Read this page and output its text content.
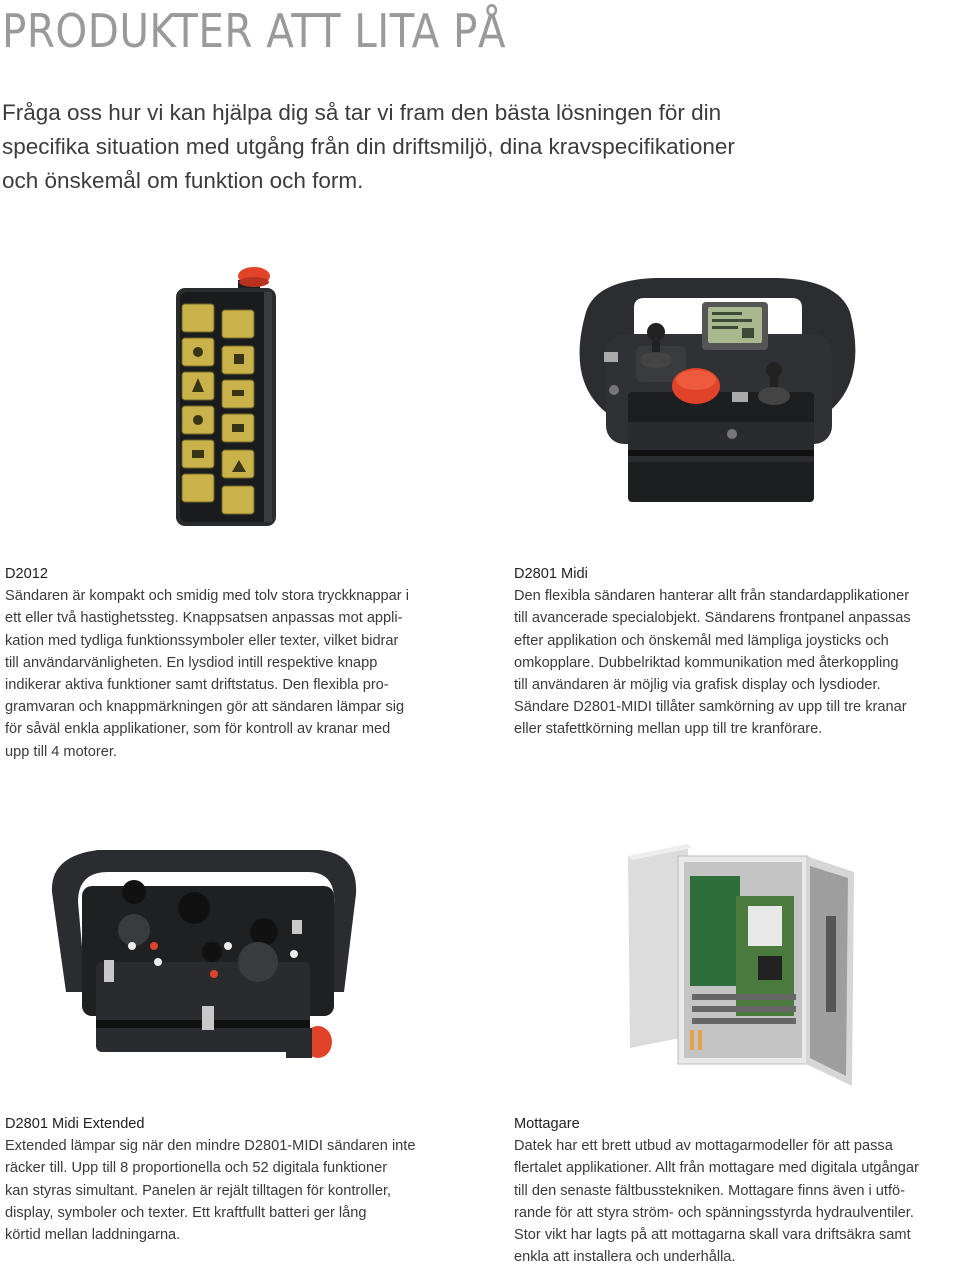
PRODUKTER ATT LITA PÅ

Fråga oss hur vi kan hjälpa dig så tar vi fram den bästa lösningen för din
specifika situation med utgång från din driftsmiljö, dina kravspecifikationer
och önskemål om funktion och form.

D2012
Sändaren är kompakt och smidig med tolv stora tryckknappar i
ett eller två hastighetssteg. Knappsatsen anpassas mot appli-
kation med tydliga funktionssymboler eller texter, vilket bidrar
till användarvänligheten. En lysdiod intill respektive knapp
indikerar aktiva funktioner samt driftstatus. Den flexibla pro-
gramvaran och knappmärkningen gör att sändaren lämpar sig
för såväl enkla applikationer, som för kontroll av kranar med
upp till 4 motorer.

D2801 Midi
Den flexibla sändaren hanterar allt från standardapplikationer
till avancerade specialobjekt. Sändarens frontpanel anpassas
efter applikation och önskemål med lämpliga joysticks och
omkopplare. Dubbelriktad kommunikation med återkoppling
till användaren är möjlig via grafisk display och lysdioder.
Sändare D2801-MIDI tillåter samkörning av upp till tre kranar
eller stafettkörning mellan upp till tre kranförare.

D2801 Midi Extended
Extended lämpar sig när den mindre D2801-MIDI sändaren inte
räcker till. Upp till 8 proportionella och 52 digitala funktioner
kan styras simultant. Panelen är rejält tilltagen för kontroller,
display, symboler och texter. Ett kraftfullt batteri ger lång
körtid mellan laddningarna.

Mottagare
Datek har ett brett utbud av mottagarmodeller för att passa
flertalet applikationer. Allt från mottagare med digitala utgångar
till den senaste fältbusstekniken. Mottagare finns även i utfö-
rande för att styra ström- och spänningsstyrda hydraulventiler.
Stor vikt har lagts på att mottagarna skall vara driftsäkra samt
enkla att installera och underhålla.
